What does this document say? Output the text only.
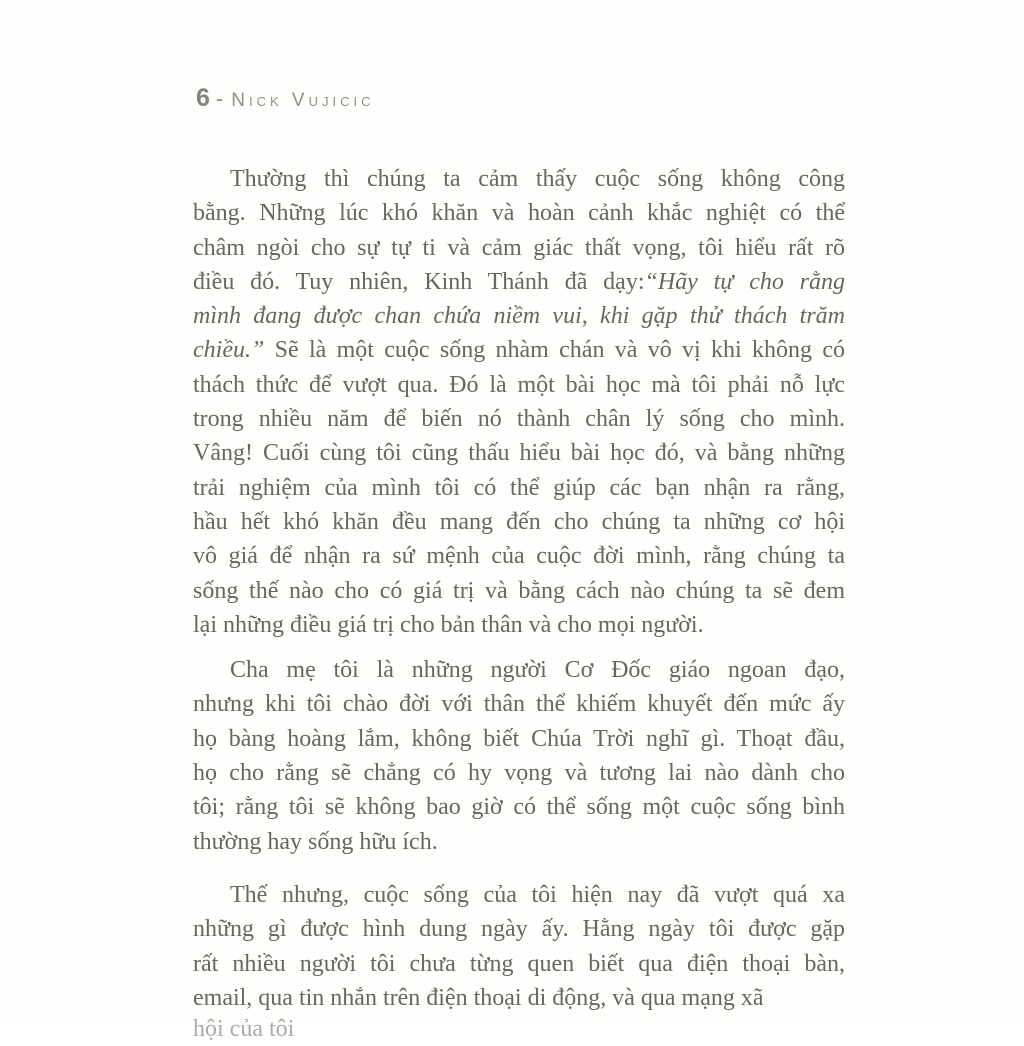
6 - Nick Vujicic
Thường thì chúng ta cảm thấy cuộc sống không công
bằng. Những lúc khó khăn và hoàn cảnh khắc nghiệt có thể
châm ngòi cho sự tự ti và cảm giác thất vọng, tôi hiểu rất rõ
điều đó. Tuy nhiên, Kinh Thánh đã dạy:“Hãy tự cho rằng
mình đang được chan chứa niềm vui, khi gặp thử thách trăm
chiều.” Sẽ là một cuộc sống nhàm chán và vô vị khi không có
thách thức để vượt qua. Đó là một bài học mà tôi phải nỗ lực
trong nhiều năm để biến nó thành chân lý sống cho mình.
Vâng! Cuối cùng tôi cũng thấu hiểu bài học đó, và bằng những
trải nghiệm của mình tôi có thể giúp các bạn nhận ra rằng,
hầu hết khó khăn đều mang đến cho chúng ta những cơ hội
vô giá để nhận ra sứ mệnh của cuộc đời mình, rằng chúng ta
sống thế nào cho có giá trị và bằng cách nào chúng ta sẽ đem
lại những điều giá trị cho bản thân và cho mọi người.
Cha mẹ tôi là những người Cơ Đốc giáo ngoan đạo,
nhưng khi tôi chào đời với thân thể khiếm khuyết đến mức ấy
họ bàng hoàng lắm, không biết Chúa Trời nghĩ gì. Thoạt đầu,
họ cho rằng sẽ chẳng có hy vọng và tương lai nào dành cho
tôi; rằng tôi sẽ không bao giờ có thể sống một cuộc sống bình
thường hay sống hữu ích.
Thế nhưng, cuộc sống của tôi hiện nay đã vượt quá xa
những gì được hình dung ngày ấy. Hằng ngày tôi được gặp
rất nhiều người tôi chưa từng quen biết qua điện thoại bàn,
email, qua tin nhắn trên điện thoại di động, và qua mạng xã
hội của tôi
